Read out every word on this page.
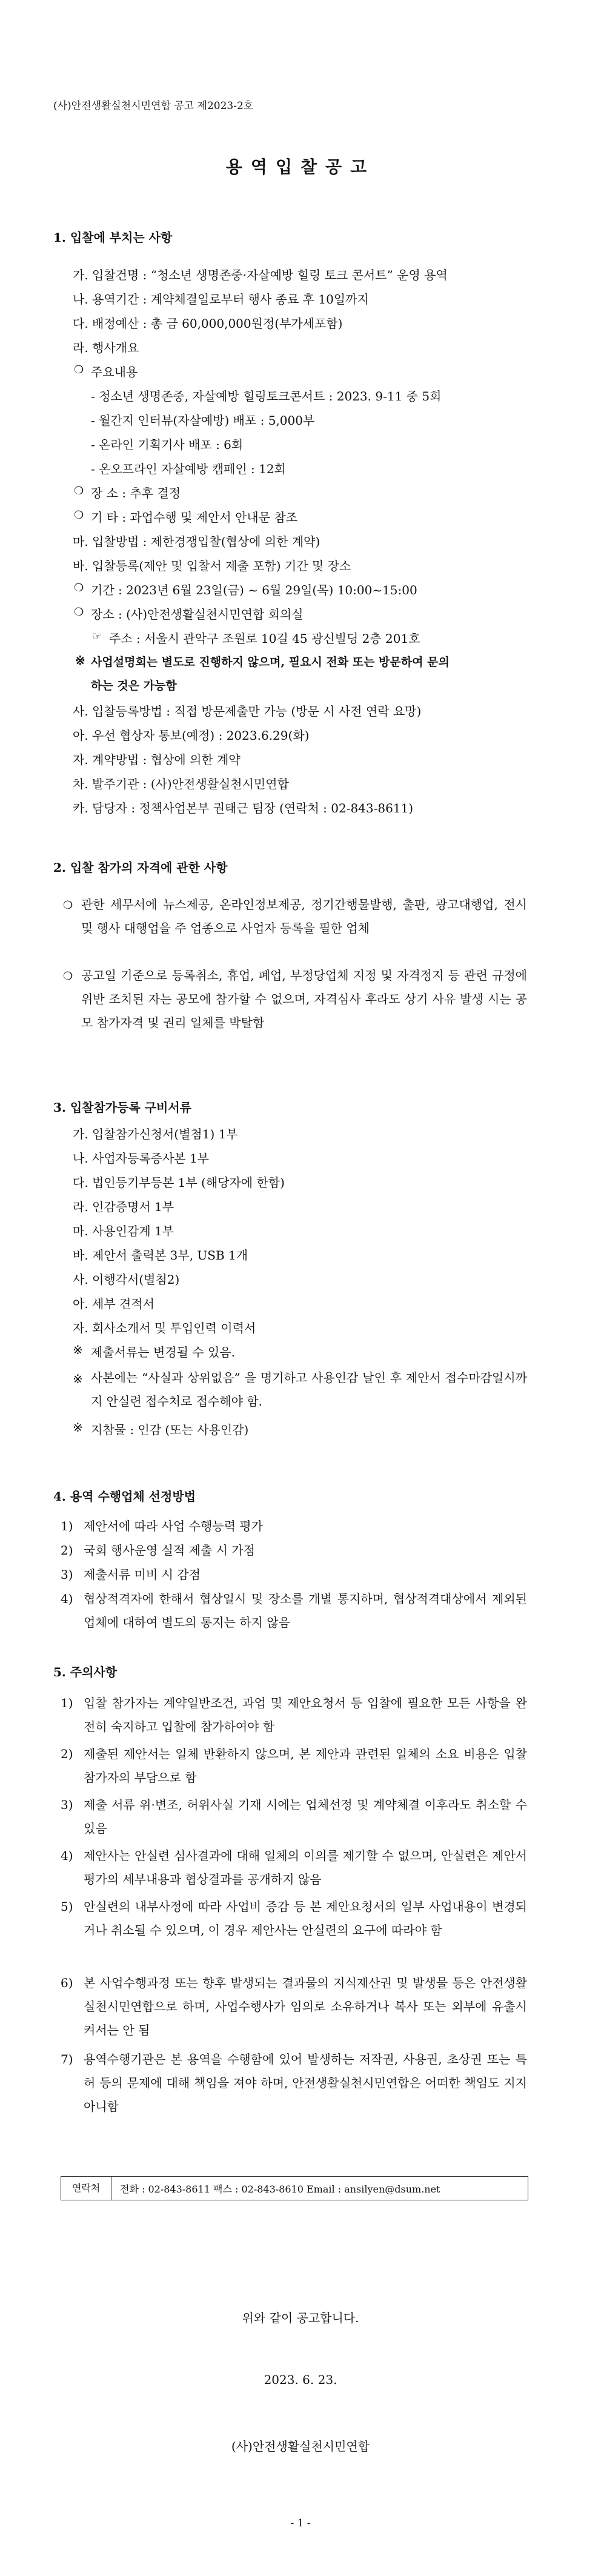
(사)안전생활실천시민연합 공고 제2023-2호
용역입찰공고
1. 입찰에 부치는 사항
가. 입찰건명 : “청소년 생명존중·자살예방 힐링 토크 콘서트” 운영 용역
나. 용역기간 : 계약체결일로부터 행사 종료 후 10일까지
다. 배정예산 : 총 금 60,000,000원정(부가세포함)
라. 행사개요
❍ 주요내용
- 청소년 생명존중, 자살예방 힐링토크콘서트 : 2023. 9-11 중 5회
- 월간지 인터뷰(자살예방) 배포 : 5,000부
- 온라인 기획기사 배포 : 6회
- 온오프라인 자살예방 캠페인 : 12회
❍ 장 소 : 추후 결정
❍ 기 타 : 과업수행 및 제안서 안내문 참조
마. 입찰방법 : 제한경쟁입찰(협상에 의한 계약)
바. 입찰등록(제안 및 입찰서 제출 포함) 기간 및 장소
❍ 기간 : 2023년 6월 23일(금) ~ 6월 29일(목) 10:00~15:00
❍ 장소 : (사)안전생활실천시민연합 회의실
☞ 주소 : 서울시 관악구 조원로 10길 45 광신빌딩 2층 201호
※ 사업설명회는 별도로 진행하지 않으며, 필요시 전화 또는 방문하여 문의
하는 것은 가능함
사. 입찰등록방법 : 직접 방문제출만 가능 (방문 시 사전 연락 요망)
아. 우선 협상자 통보(예정) : 2023.6.29(화)
자. 계약방법 : 협상에 의한 계약
차. 발주기관 : (사)안전생활실천시민연합
카. 담당자 : 정책사업본부 권태근 팀장 (연락처 : 02-843-8611)
2. 입찰 참가의 자격에 관한 사항
❍ 관한 세무서에 뉴스제공, 온라인정보제공, 정기간행물발행, 출판, 광고대행업, 전시 및 행사 대행업을 주 업종으로 사업자 등록을 필한 업체
❍ 공고일 기준으로 등록취소, 휴업, 폐업, 부정당업체 지정 및 자격정지 등 관련 규정에 위반 조치된 자는 공모에 참가할 수 없으며, 자격심사 후라도 상기 사유 발생 시는 공모 참가자격 및 권리 일체를 박탈함
3. 입찰참가등록 구비서류
가. 입찰참가신청서(별첨1) 1부
나. 사업자등록증사본 1부
다. 법인등기부등본 1부 (해당자에 한함)
라. 인감증명서 1부
마. 사용인감계 1부
바. 제안서 출력본 3부, USB 1개
사. 이행각서(별첨2)
아. 세부 견적서
자. 회사소개서 및 투입인력 이력서
※ 제출서류는 변경될 수 있음.
※ 사본에는 “사실과 상위없음” 을 명기하고 사용인감 날인 후 제안서 접수마감일시까지 안실련 접수처로 접수해야 함.
※ 지참물 : 인감 (또는 사용인감)
4. 용역 수행업체 선정방법
1) 제안서에 따라 사업 수행능력 평가
2) 국회 행사운영 실적 제출 시 가점
3) 제출서류 미비 시 감점
4) 협상적격자에 한해서 협상일시 및 장소를 개별 통지하며, 협상적격대상에서 제외된 업체에 대하여 별도의 통지는 하지 않음
5. 주의사항
1) 입찰 참가자는 계약일반조건, 과업 및 제안요청서 등 입찰에 필요한 모든 사항을 완전히 숙지하고 입찰에 참가하여야 함
2) 제출된 제안서는 일체 반환하지 않으며, 본 제안과 관련된 일체의 소요 비용은 입찰참가자의 부담으로 함
3) 제출 서류 위·변조, 허위사실 기재 시에는 업체선정 및 계약체결 이후라도 취소할 수 있음
4) 제안사는 안실련 심사결과에 대해 일체의 이의를 제기할 수 없으며, 안실련은 제안서 평가의 세부내용과 협상결과를 공개하지 않음
5) 안실련의 내부사정에 따라 사업비 증감 등 본 제안요청서의 일부 사업내용이 변경되거나 취소될 수 있으며, 이 경우 제안사는 안실련의 요구에 따라야 함
6) 본 사업수행과정 또는 향후 발생되는 결과물의 지식재산권 및 발생물 등은 안전생활실천시민연합으로 하며, 사업수행사가 임의로 소유하거나 복사 또는 외부에 유출시켜서는 안 됨
7) 용역수행기관은 본 용역을 수행함에 있어 발생하는 저작권, 사용권, 초상권 또는 특허 등의 문제에 대해 책임을 져야 하며, 안전생활실천시민연합은 어떠한 책임도 지지 아니함
연락처	전화 : 02-843-8611 팩스 : 02-843-8610 Email : ansilyen@dsum.net
위와 같이 공고합니다.
2023. 6. 23.
(사)안전생활실천시민연합
- 1 -
